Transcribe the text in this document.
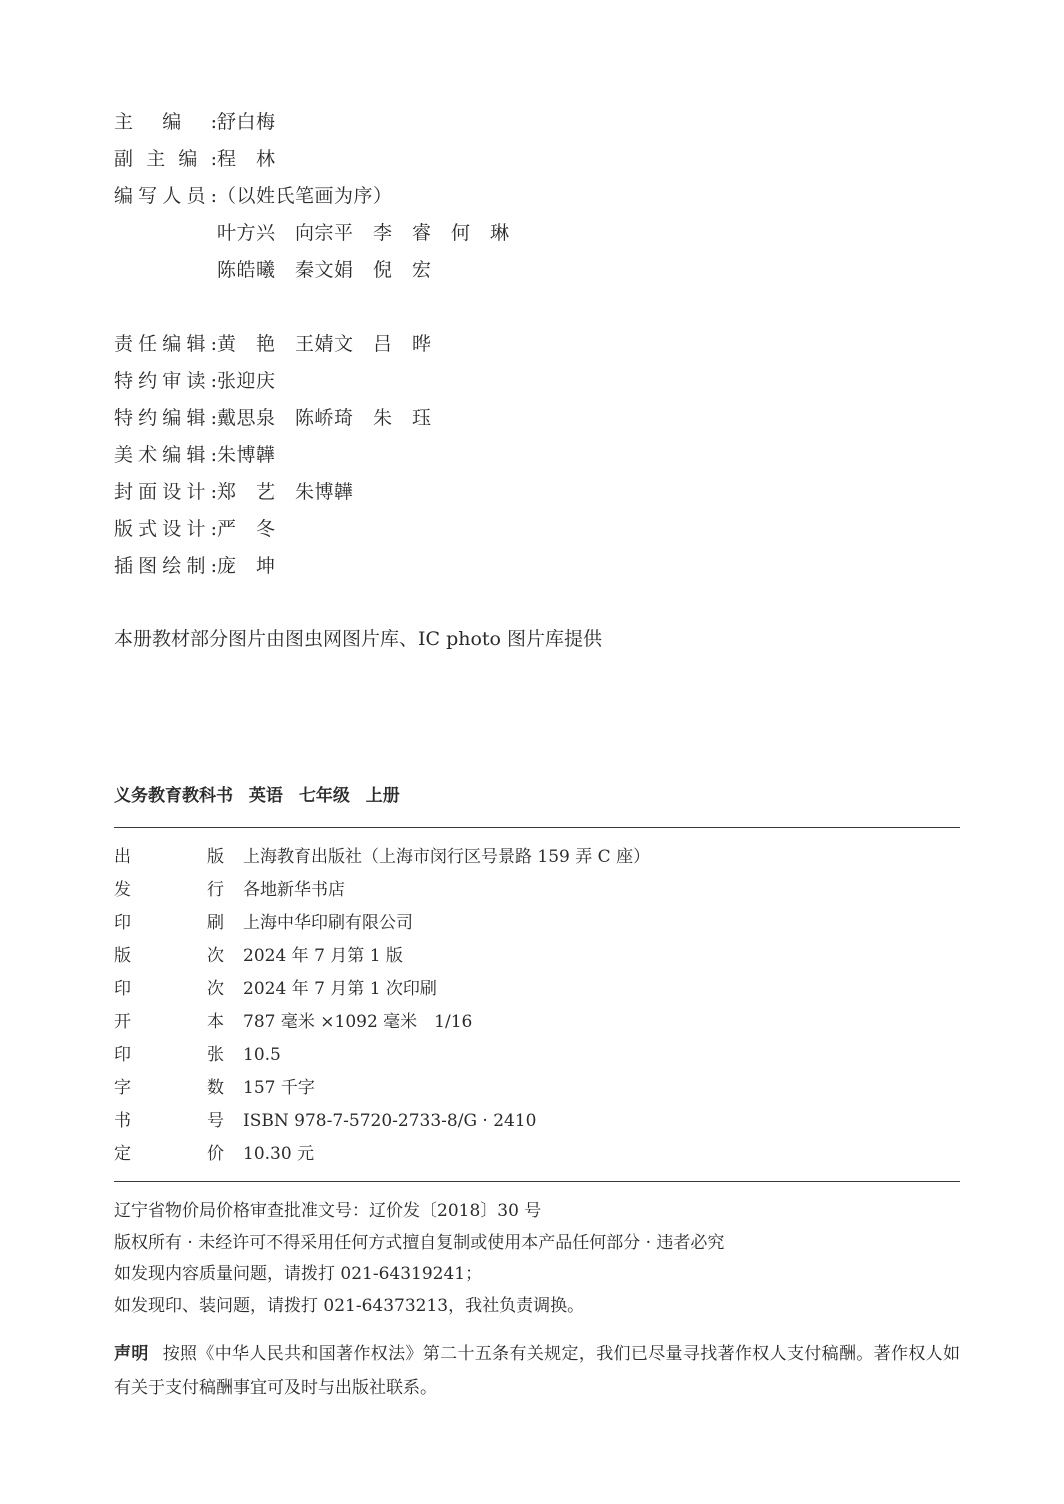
主编: 舒白梅
副主编: 程　林
编写人员: （以姓氏笔画为序）
叶方兴　向宗平　李　睿　何　琳
陈皓曦　秦文娟　倪　宏
责任编辑: 黄　艳　王婧文　吕　晔
特约审读: 张迎庆
特约编辑: 戴思泉　陈峤琦　朱　珏
美术编辑: 朱博韡
封面设计: 郑　艺　朱博韡
版式设计: 严　冬
插图绘制: 庞　坤
本册教材部分图片由图虫网图片库、IC photo 图片库提供
义务教育教科书 英语 七年级 上册
出版 上海教育出版社（上海市闵行区号景路 159 弄 C 座）
发行 各地新华书店
印刷 上海中华印刷有限公司
版次 2024 年 7 月第 1 版
印次 2024 年 7 月第 1 次印刷
开本 787 毫米 ×1092 毫米　1/16
印张 10.5
字数 157 千字
书号 ISBN 978-7-5720-2733-8/G · 2410
定价 10.30 元
辽宁省物价局价格审查批准文号：辽价发〔2018〕30 号
版权所有 · 未经许可不得采用任何方式擅自复制或使用本产品任何部分 · 违者必究
如发现内容质量问题，请拨打 021-64319241；
如发现印、装问题，请拨打 021-64373213，我社负责调换。
声明 按照《中华人民共和国著作权法》第二十五条有关规定，我们已尽量寻找著作权人支付稿酬。著作权人如有关于支付稿酬事宜可及时与出版社联系。
